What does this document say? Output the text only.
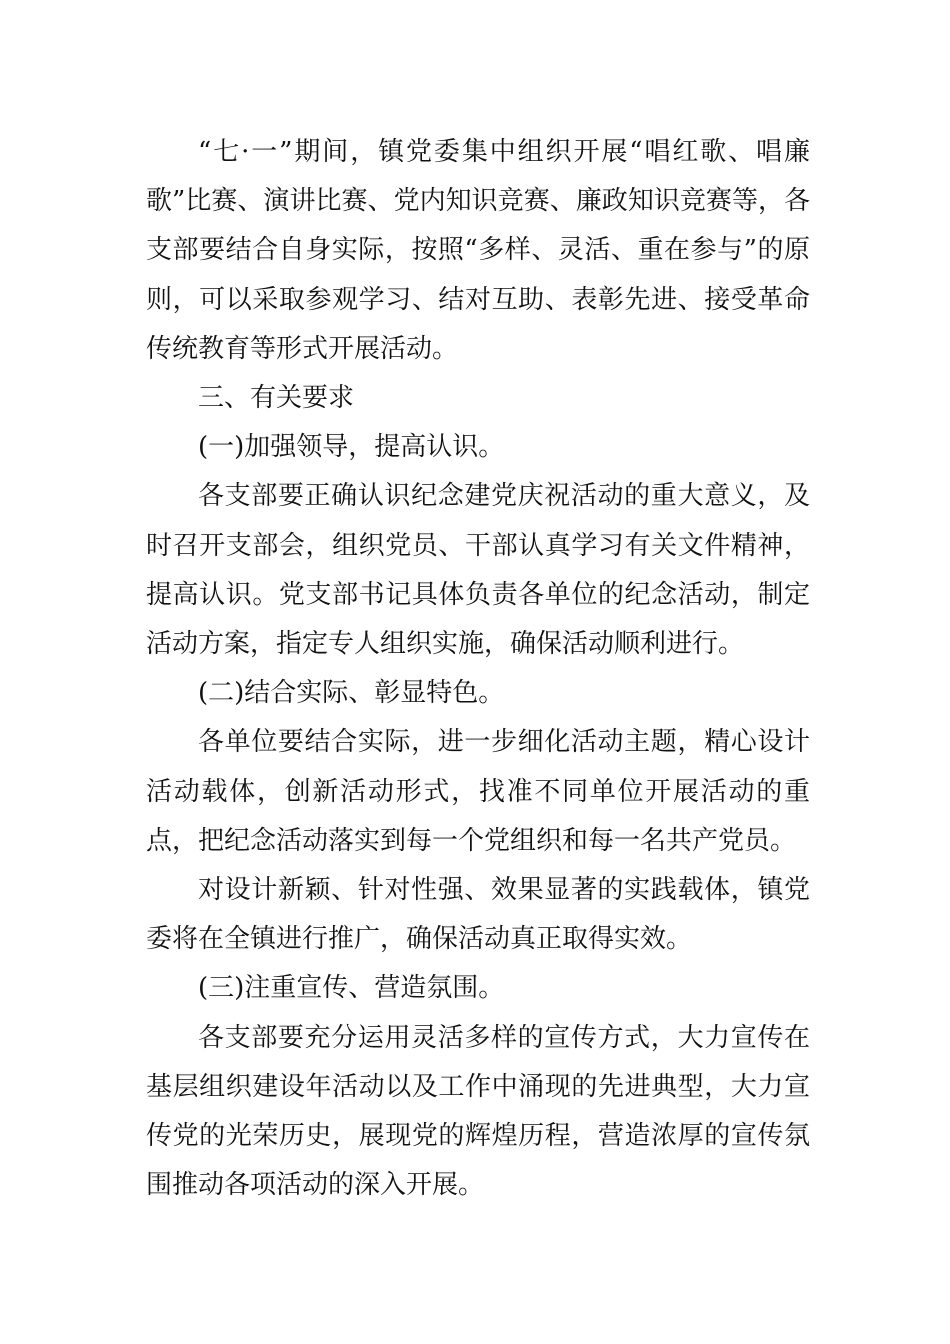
“七·一”期间，镇党委集中组织开展“唱红歌、唱廉歌”比赛、演讲比赛、党内知识竞赛、廉政知识竞赛等，各支部要结合自身实际，按照“多样、灵活、重在参与”的原则，可以采取参观学习、结对互助、表彰先进、接受革命传统教育等形式开展活动。

三、有关要求

(一)加强领导，提高认识。

各支部要正确认识纪念建党庆祝活动的重大意义，及时召开支部会，组织党员、干部认真学习有关文件精神，提高认识。党支部书记具体负责各单位的纪念活动，制定活动方案，指定专人组织实施，确保活动顺利进行。

(二)结合实际、彰显特色。

各单位要结合实际，进一步细化活动主题，精心设计活动载体，创新活动形式，找准不同单位开展活动的重点，把纪念活动落实到每一个党组织和每一名共产党员。

对设计新颖、针对性强、效果显著的实践载体，镇党委将在全镇进行推广，确保活动真正取得实效。

(三)注重宣传、营造氛围。

各支部要充分运用灵活多样的宣传方式，大力宣传在基层组织建设年活动以及工作中涌现的先进典型，大力宣传党的光荣历史，展现党的辉煌历程，营造浓厚的宣传氛围推动各项活动的深入开展。
